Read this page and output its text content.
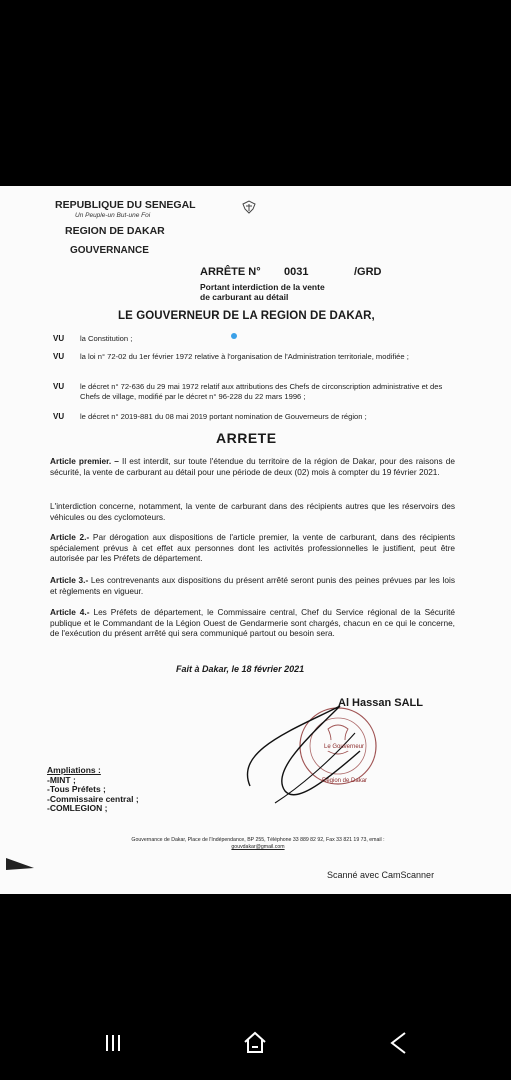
REPUBLIQUE DU SENEGAL
Un Peuple-un But-une Foi
REGION DE DAKAR
GOUVERNANCE
ARRÊTE N° 0031	/GRD
Portant interdiction de la vente
de carburant au détail
LE GOUVERNEUR DE LA REGION DE DAKAR,
VU la Constitution ;
VU la loi n° 72-02 du 1er février 1972 relative à l'organisation de l'Administration territoriale, modifiée ;
VU le décret n° 72-636 du 29 mai 1972 relatif aux attributions des Chefs de circonscription administrative et des Chefs de village, modifié par le décret n° 96-228 du 22 mars 1996 ;
VU le décret n° 2019-881 du 08 mai 2019 portant nomination de Gouverneurs de région ;
ARRETE
Article premier. – Il est interdit, sur toute l'étendue du territoire de la région de Dakar, pour des raisons de sécurité, la vente de carburant au détail pour une période de deux (02) mois à compter du 19 février 2021.
L'interdiction concerne, notamment, la vente de carburant dans des récipients autres que les réservoirs des véhicules ou des cyclomoteurs.
Article 2.- Par dérogation aux dispositions de l'article premier, la vente de carburant, dans des récipients spécialement prévus à cet effet aux personnes dont les activités professionnelles le justifient, peut être autorisée par les Préfets de département.
Article 3.- Les contrevenants aux dispositions du présent arrêté seront punis des peines prévues par les lois et règlements en vigueur.
Article 4.- Les Préfets de département, le Commissaire central, Chef du Service régional de la Sécurité publique et le Commandant de la Légion Ouest de Gendarmerie sont chargés, chacun en ce qui le concerne, de l'exécution du présent arrêté qui sera communiqué partout ou besoin sera.
Fait à Dakar, le 18 février 2021
Le Gouverneur
Région de Dakar
Al Hassan SALL
Ampliations :
-MINT ;
-Tous Préfets ;
-Commissaire central ;
-COMLEGION ;
Gouvernance de Dakar, Place de l'Indépendance, BP 255, Téléphone 33 889 82 92, Fax 33 821 19 73, email :
gouvdakar@gmail.com
Scanné avec CamScanner
